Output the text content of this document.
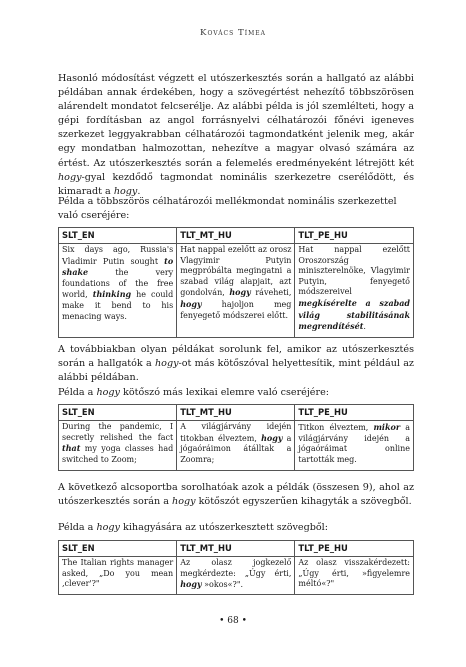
Kovács Tímea

Hasonló módosítást végzett el utószerkesztés során a hallgató az alábbi példában annak érdekében, hogy a szövegértést nehezítő többszörösen alárendelt mondatot felcserélje. Az alábbi példa is jól szemlélteti, hogy a gépi fordításban az angol forrásnyelvi célhatározói főnévi igeneves szerkezet leggyakrabban célhatározói tagmondatként jelenik meg, akár egy mondatban halmozottan, nehezítve a magyar olvasó számára az értést. Az utószerkesztés során a felemelés eredményeként létrejött két hogy-gyal kezdődő tagmondat nominális szerkezetre cserélődött, és kimaradt a hogy.

Példa a többszörös célhatározói mellékmondat nominális szerkezettel való cseréjére:

SLT_EN	TLT_MT_HU	TLT_PE_HU
Six days ago, Russia's Vladimir Putin sought to shake the very foundations of the free world, thinking he could make it bend to his menacing ways.	Hat nappal ezelőtt az orosz Vlagyimir Putyin megpróbálta megingatni a szabad világ alapjait, azt gondolván, hogy ráveheti, hogy hajoljon meg fenyegető módszerei előtt.	Hat nappal ezelőtt Oroszország miniszterelnöke, Vlagyimir Putyin, fenyegető módszereivel megkísérelte a szabad világ stabilitásának megrendítését.

A továbbiakban olyan példákat sorolunk fel, amikor az utószerkesztés során a hallgatók a hogy-ot más kötőszóval helyettesítik, mint például az alábbi példában.

Példa a hogy kötőszó más lexikai elemre való cseréjére:

SLT_EN	TLT_MT_HU	TLT_PE_HU
During the pandemic, I secretly relished the fact that my yoga classes had switched to Zoom;	A világjárvány idején titokban élveztem, hogy a jógaóráimon átálltak a Zoomra;	Titkon élveztem, mikor a világjárvány idején a jógaóráimat online tartották meg.

A következő alcsoportba sorolhatóak azok a példák (összesen 9), ahol az utószerkesztés során a hogy kötőszót egyszerűen kihagyták a szövegből.

Példa a hogy kihagyására az utószerkesztett szövegből:

SLT_EN	TLT_MT_HU	TLT_PE_HU
The Italian rights manager asked, „Do you mean ‚clever'?"	Az olasz jogkezelő megkérdezte: „Úgy érti, hogy »okos«?".	Az olasz visszakérdezett: „Úgy érti, »figyelemre méltó«?"
• 68 •
